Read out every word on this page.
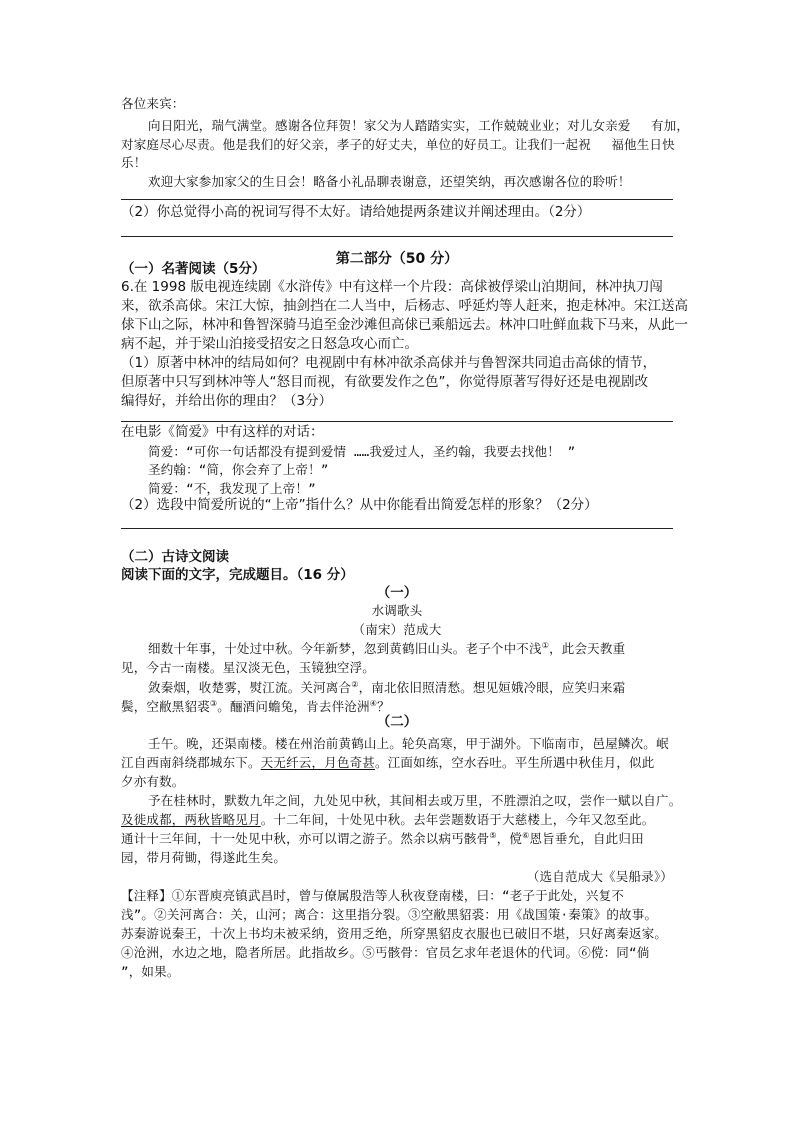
各位来宾：
向日阳光，瑞气满堂。感谢各位拜贺！家父为人踏踏实实，工作兢兢业业；对儿女亲爱　 有加，
对家庭尽心尽责。他是我们的好父亲，孝子的好丈夫，单位的好员工。让我们一起祝　 福他生日快
乐！
欢迎大家参加家父的生日会！略备小礼品聊表谢意，还望笑纳，再次感谢各位的聆听！
（2）你总觉得小高的祝词写得不太好。请给她提两条建议并阐述理由。（2分）
第二部分（50 分）
（一）名著阅读（5分）
6.在 1998 版电视连续剧《水浒传》中有这样一个片段：高俅被俘梁山泊期间，林冲执刀闯
来，欲杀高俅。宋江大惊，抽剑挡在二人当中，后杨志、呼延灼等人赶来，抱走林冲。宋江送高
俅下山之际，林冲和鲁智深骑马追至金沙滩但高俅已乘船远去。林冲口吐鲜血栽下马来，从此一
病不起，并于梁山泊接受招安之日怒急攻心而亡。
（1）原著中林冲的结局如何？电视剧中有林冲欲杀高俅并与鲁智深共同追击高俅的情节，
但原著中只写到林冲等人“怒目而视，有欲要发作之色”，你觉得原著写得好还是电视剧改
编得好，并给出你的理由？（3分）
在电影《简爱》中有这样的对话：
简爱：“可你一句话都没有提到爱情 ……我爱过人，圣约翰，我要去找他！ ”
圣约翰：“简，你会弃了上帝！”
简爱：“不，我发现了上帝！”
（2）选段中简爱所说的“上帝”指什么？从中你能看出简爱怎样的形象？（2分）
（二）古诗文阅读
阅读下面的文字，完成题目。（16 分）
（一）
水调歌头
（南宋）范成大
细数十年事，十处过中秋。今年新梦，忽到黄鹤旧山头。老子个中不浅①，此会天教重
见，今古一南楼。星汉淡无色，玉镜独空浮。
敛秦烟，收楚雾，熨江流。关河离合②，南北依旧照清愁。想见姮娥冷眼，应笑归来霜
鬓，空敝黑貂裘③。酾酒问蟾兔，肯去伴沧洲④？
（二）
壬午。晚，还渠南楼。楼在州治前黄鹤山上。轮奂高寒，甲于湖外。下临南市，邑屋鳞次。岷
江自西南斜绕郡城东下。天无纤云，月色奇甚。江面如练，空水吞吐。平生所遇中秋佳月，似此
夕亦有数。
予在桂林时，默数九年之间，九处见中秋，其间相去或万里，不胜漂泊之叹，尝作一赋以自广。
及徙成都，两秋皆略见月。十二年间，十处见中秋。去年尝题数语于大慈楼上，今年又忽至此。
通计十三年间，十一处见中秋，亦可以谓之游子。然余以病丐骸骨⑤，傥⑥恩旨垂允，自此归田
园，带月荷锄，得遂此生矣。
（选自范成大《吴船录》）
【注释】①东晋庾亮镇武昌时，曾与僚属殷浩等人秋夜登南楼，曰：“老子于此处，兴复不
浅”。②关河离合：关，山河；离合：这里指分裂。③空敝黑貂裘：用《战国策·秦策》的故事。
苏秦游说秦王，十次上书均未被采纳，资用乏绝，所穿黑貂皮衣服也已破旧不堪，只好离秦返家。
④沧洲，水边之地，隐者所居。此指故乡。⑤丐骸骨：官员乞求年老退休的代词。⑥傥：同“倘
”，如果。
